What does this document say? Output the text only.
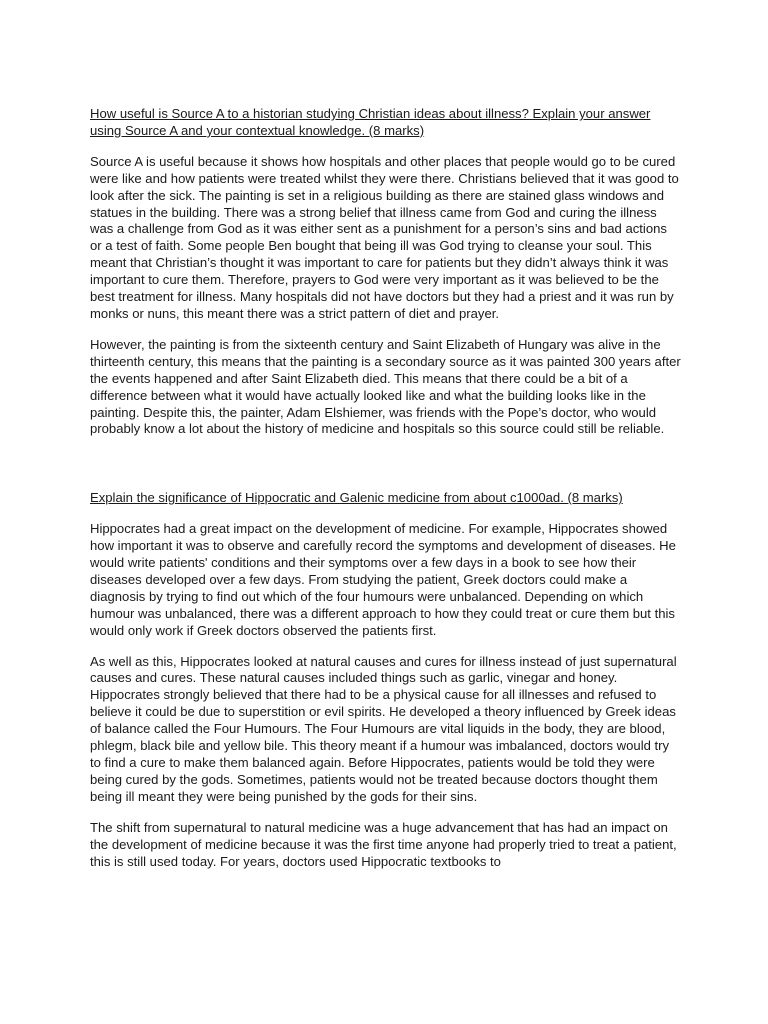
How useful is Source A to a historian studying Christian ideas about illness? Explain your answer using Source A and your contextual knowledge. (8 marks)

Source A is useful because it shows how hospitals and other places that people would go to be cured were like and how patients were treated whilst they were there. Christians believed that it was good to look after the sick. The painting is set in a religious building as there are stained glass windows and statues in the building. There was a strong belief that illness came from God and curing the illness was a challenge from God as it was either sent as a punishment for a person’s sins and bad actions or a test of faith. Some people Ben bought that being ill was God trying to cleanse your soul. This meant that Christian’s thought it was important to care for patients but they didn’t always think it was important to cure them. Therefore, prayers to God were very important as it was believed to be the best treatment for illness. Many hospitals did not have doctors but they had a priest and it was run by monks or nuns, this meant there was a strict pattern of diet and prayer.

However, the painting is from the sixteenth century and Saint Elizabeth of Hungary was alive in the thirteenth century, this means that the painting is a secondary source as it was painted 300 years after the events happened and after Saint Elizabeth died. This means that there could be a bit of a difference between what it would have actually looked like and what the building looks like in the painting. Despite this, the painter, Adam Elshiemer, was friends with the Pope’s doctor, who would probably know a lot about the history of medicine and hospitals so this source could still be reliable.

Explain the significance of Hippocratic and Galenic medicine from about c1000ad. (8 marks)

Hippocrates had a great impact on the development of medicine. For example, Hippocrates showed how important it was to observe and carefully record the symptoms and development of diseases. He would write patients' conditions and their symptoms over a few days in a book to see how their diseases developed over a few days. From studying the patient, Greek doctors could make a diagnosis by trying to find out which of the four humours were unbalanced. Depending on which humour was unbalanced, there was a different approach to how they could treat or cure them but this would only work if Greek doctors observed the patients first.

As well as this, Hippocrates looked at natural causes and cures for illness instead of just supernatural causes and cures. These natural causes included things such as garlic, vinegar and honey. Hippocrates strongly believed that there had to be a physical cause for all illnesses and refused to believe it could be due to superstition or evil spirits. He developed a theory influenced by Greek ideas of balance called the Four Humours. The Four Humours are vital liquids in the body, they are blood, phlegm, black bile and yellow bile. This theory meant if a humour was imbalanced, doctors would try to find a cure to make them balanced again. Before Hippocrates, patients would be told they were being cured by the gods. Sometimes, patients would not be treated because doctors thought them being ill meant they were being punished by the gods for their sins.

The shift from supernatural to natural medicine was a huge advancement that has had an impact on the development of medicine because it was the first time anyone had properly tried to treat a patient, this is still used today. For years, doctors used Hippocratic textbooks to
